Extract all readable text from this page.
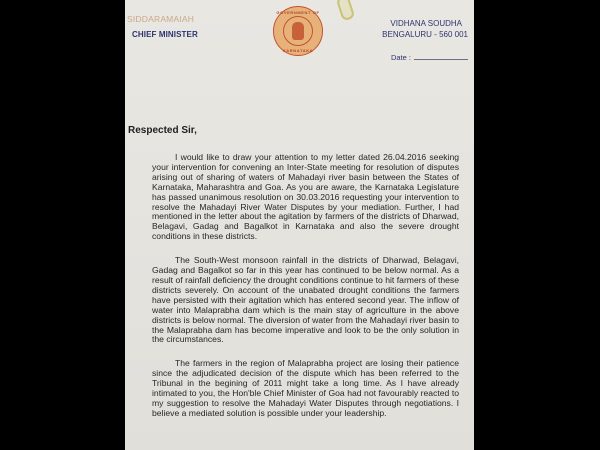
SIDDARAMAIAH
CHIEF MINISTER
GOVERNMENT OF
KARNATAKA
VIDHANA SOUDHA
BENGALURU - 560 001
Date :
Respected Sir,

I would like to draw your attention to my letter dated 26.04.2016 seeking your intervention for convening an Inter-State meeting for resolution of disputes arising out of sharing of waters of Mahadayi river basin between the States of Karnataka, Maharashtra and Goa. As you are aware, the Karnataka Legislature has passed unanimous resolution on 30.03.2016 requesting your intervention to resolve the Mahadayi River Water Disputes by your mediation. Further, I had mentioned in the letter about the agitation by farmers of the districts of Dharwad, Belagavi, Gadag and Bagalkot in Karnataka and also the severe drought conditions in these districts.

The South-West monsoon rainfall in the districts of Dharwad, Belagavi, Gadag and Bagalkot so far in this year has continued to be below normal. As a result of rainfall deficiency the drought conditions continue to hit farmers of these districts severely. On account of the unabated drought conditions the farmers have persisted with their agitation which has entered second year. The inflow of water into Malaprabha dam which is the main stay of agriculture in the above districts is below normal. The diversion of water from the Mahadayi river basin to the Malaprabha dam has become imperative and look to be the only solution in the circumstances.

The farmers in the region of Malaprabha project are losing their patience since the adjudicated decision of the dispute which has been referred to the Tribunal in the begining of 2011 might take a long time. As I have already intimated to you, the Hon'ble Chief Minister of Goa had not favourably reacted to my suggestion to resolve the Mahadayi Water Disputes through negotiations. I believe a mediated solution is possible under your leadership.
